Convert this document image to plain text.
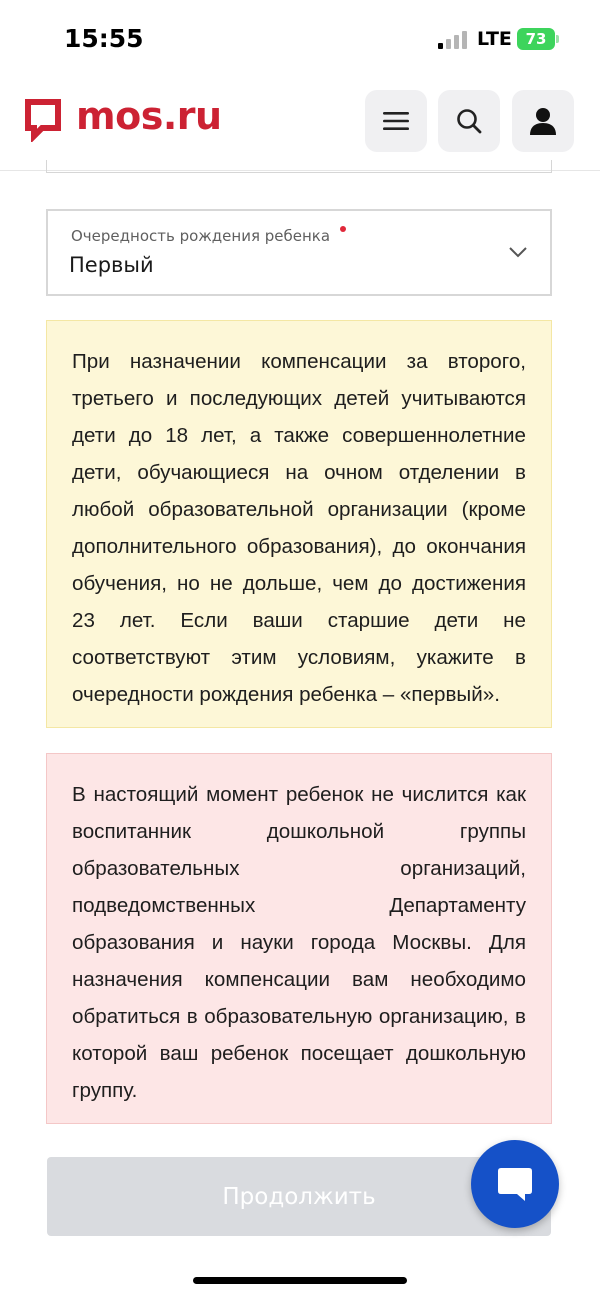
15:55	LTE 73
mos.ru
Очередность рождения ребенка
Первый
При назначении компенсации за второго, третьего и последующих детей учитываются дети до 18 лет, а также совершеннолетние дети, обучающиеся на очном отделении в любой образовательной организации (кроме дополнительного образования), до окончания обучения, но не дольше, чем до достижения 23 лет. Если ваши старшие дети не соответствуют этим условиям, укажите в очередности рождения ребенка – «первый».
В настоящий момент ребенок не числится как воспитанник дошкольной группы образовательных организаций, подведомственных Департаменту образования и науки города Москвы. Для назначения компенсации вам необходимо обратиться в образовательную организацию, в которой ваш ребенок посещает дошкольную группу.
Продолжить
